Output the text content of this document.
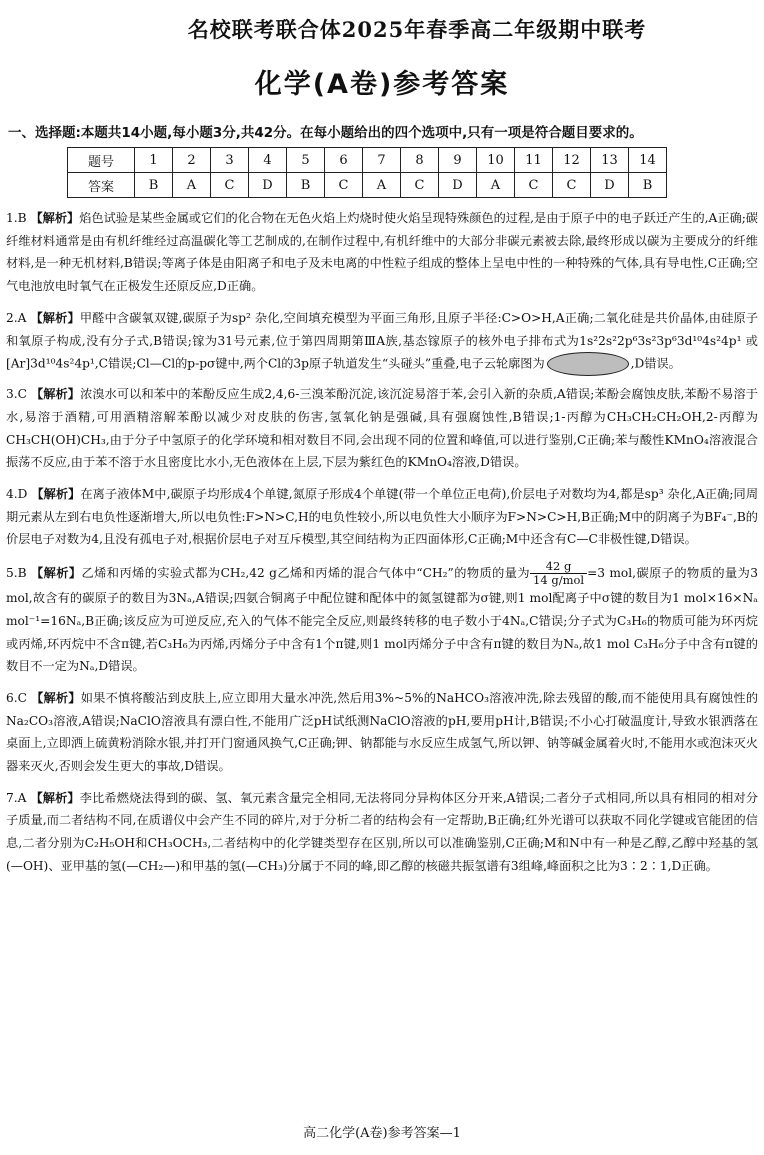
名校联考联合体2025年春季高二年级期中联考
化学(A卷)参考答案
一、选择题:本题共14小题,每小题3分,共42分。在每小题给出的四个选项中,只有一项是符合题目要求的。
题号	1	2	3	4	5	6	7	8	9	10	11	12	13	14
答案	B	A	C	D	B	C	A	C	D	A	C	C	D	B
1.B 【解析】焰色试验是某些金属或它们的化合物在无色火焰上灼烧时使火焰呈现特殊颜色的过程,是由于原子中的电子跃迁产生的,A正确;碳纤维材料通常是由有机纤维经过高温碳化等工艺制成的,在制作过程中,有机纤维中的大部分非碳元素被去除,最终形成以碳为主要成分的纤维材料,是一种无机材料,B错误;等离子体是由阳离子和电子及未电离的中性粒子组成的整体上呈电中性的一种特殊的气体,具有导电性,C正确;空气电池放电时氧气在正极发生还原反应,D正确。
2.A 【解析】甲醛中含碳氧双键,碳原子为sp² 杂化,空间填充模型为平面三角形,且原子半径:C>O>H,A正确;二氧化硅是共价晶体,由硅原子和氧原子构成,没有分子式,B错误;镓为31号元素,位于第四周期第ⅢA族,基态镓原子的核外电子排布式为1s²2s²2p⁶3s²3p⁶3d¹⁰4s²4p¹ 或[Ar]3d¹⁰4s²4p¹,C错误;Cl—Cl的p-pσ键中,两个Cl的3p原子轨道发生“头碰头”重叠,电子云轮廓图为	,D错误。
3.C 【解析】浓溴水可以和苯中的苯酚反应生成2,4,6-三溴苯酚沉淀,该沉淀易溶于苯,会引入新的杂质,A错误;苯酚会腐蚀皮肤,苯酚不易溶于水,易溶于酒精,可用酒精溶解苯酚以减少对皮肤的伤害,氢氧化钠是强碱,具有强腐蚀性,B错误;1-丙醇为CH₃CH₂CH₂OH,2-丙醇为CH₃CH(OH)CH₃,由于分子中氢原子的化学环境和相对数目不同,会出现不同的位置和峰值,可以进行鉴别,C正确;苯与酸性KMnO₄溶液混合振荡不反应,由于苯不溶于水且密度比水小,无色液体在上层,下层为紫红色的KMnO₄溶液,D错误。
4.D 【解析】在离子液体M中,碳原子均形成4个单键,氮原子形成4个单键(带一个单位正电荷),价层电子对数均为4,都是sp³ 杂化,A正确;同周期元素从左到右电负性逐渐增大,所以电负性:F>N>C,H的电负性较小,所以电负性大小顺序为F>N>C>H,B正确;M中的阴离子为BF₄⁻,B的价层电子对数为4,且没有孤电子对,根据价层电子对互斥模型,其空间结构为正四面体形,C正确;M中还含有C—C非极性键,D错误。
5.B 【解析】乙烯和丙烯的实验式都为CH₂,42 g乙烯和丙烯的混合气体中“CH₂”的物质的量为 $\frac{42 g}{\text{14 g/mol}} =3$ mol,碳原子的物质的量为3 mol,故含有的碳原子的数目为3Nₐ,A错误;四氨合铜离子中配位键和配体中的氮氢键都为σ键,则1 mol配离子中σ键的数目为1 mol×16×Nₐ mol⁻¹=16Nₐ,B正确;该反应为可逆反应,充入的气体不能完全反应,则最终转移的电子数小于4Nₐ,C错误;分子式为C₃H₆的物质可能为环丙烷或丙烯,环丙烷中不含π键,若C₃H₆为丙烯,丙烯分子中含有1个π键,则1 mol丙烯分子中含有π键的数目为Nₐ,故1 mol C₃H₆分子中含有π键的数目不一定为Nₐ,D错误。
6.C 【解析】如果不慎将酸沾到皮肤上,应立即用大量水冲洗,然后用3%~5%的NaHCO₃溶液冲洗,除去残留的酸,而不能使用具有腐蚀性的Na₂CO₃溶液,A错误;NaClO溶液具有漂白性,不能用广泛pH试纸测NaClO溶液的pH,要用pH计,B错误;不小心打破温度计,导致水银洒落在桌面上,立即洒上硫黄粉消除水银,并打开门窗通风换气,C正确;钾、钠都能与水反应生成氢气,所以钾、钠等碱金属着火时,不能用水或泡沫灭火器来灭火,否则会发生更大的事故,D错误。
7.A 【解析】李比希燃烧法得到的碳、氢、氧元素含量完全相同,无法将同分异构体区分开来,A错误;二者分子式相同,所以具有相同的相对分子质量,而二者结构不同,在质谱仪中会产生不同的碎片,对于分析二者的结构会有一定帮助,B正确;红外光谱可以获取不同化学键或官能团的信息,二者分别为C₂H₅OH和CH₃OCH₃,二者结构中的化学键类型存在区别,所以可以准确鉴别,C正确;M和N中有一种是乙醇,乙醇中羟基的氢(—OH)、亚甲基的氢(—CH₂—)和甲基的氢(—CH₃)分属于不同的峰,即乙醇的核磁共振氢谱有3组峰,峰面积之比为3∶2∶1,D正确。
高二化学(A卷)参考答案—1
